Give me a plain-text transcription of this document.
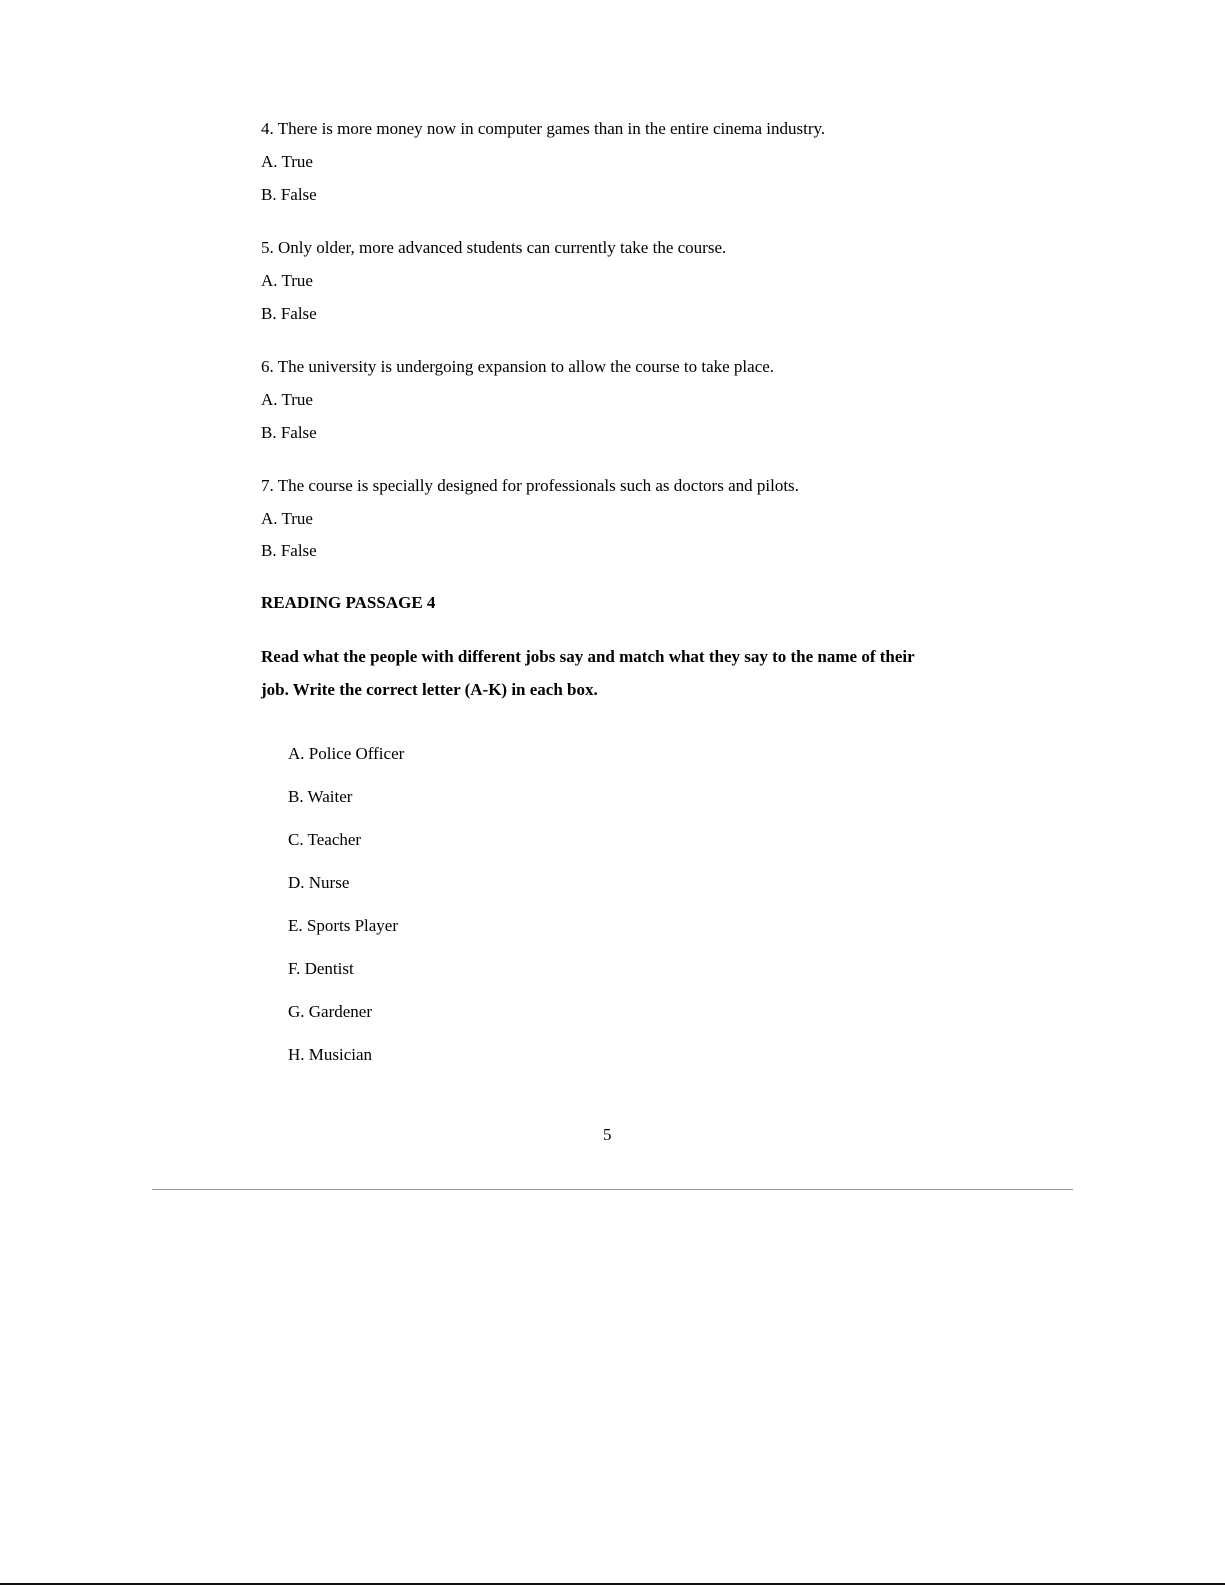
4. There is more money now in computer games than in the entire cinema industry.
A. True
B. False
5. Only older, more advanced students can currently take the course.
A. True
B. False
6. The university is undergoing expansion to allow the course to take place.
A. True
B. False
7. The course is specially designed for professionals such as doctors and pilots.
A. True
B. False
READING PASSAGE 4
Read what the people with different jobs say and match what they say to the name of their
job. Write the correct letter (A-K) in each box.
A. Police Officer
B. Waiter
C. Teacher
D. Nurse
E. Sports Player
F. Dentist
G. Gardener
H. Musician
5
